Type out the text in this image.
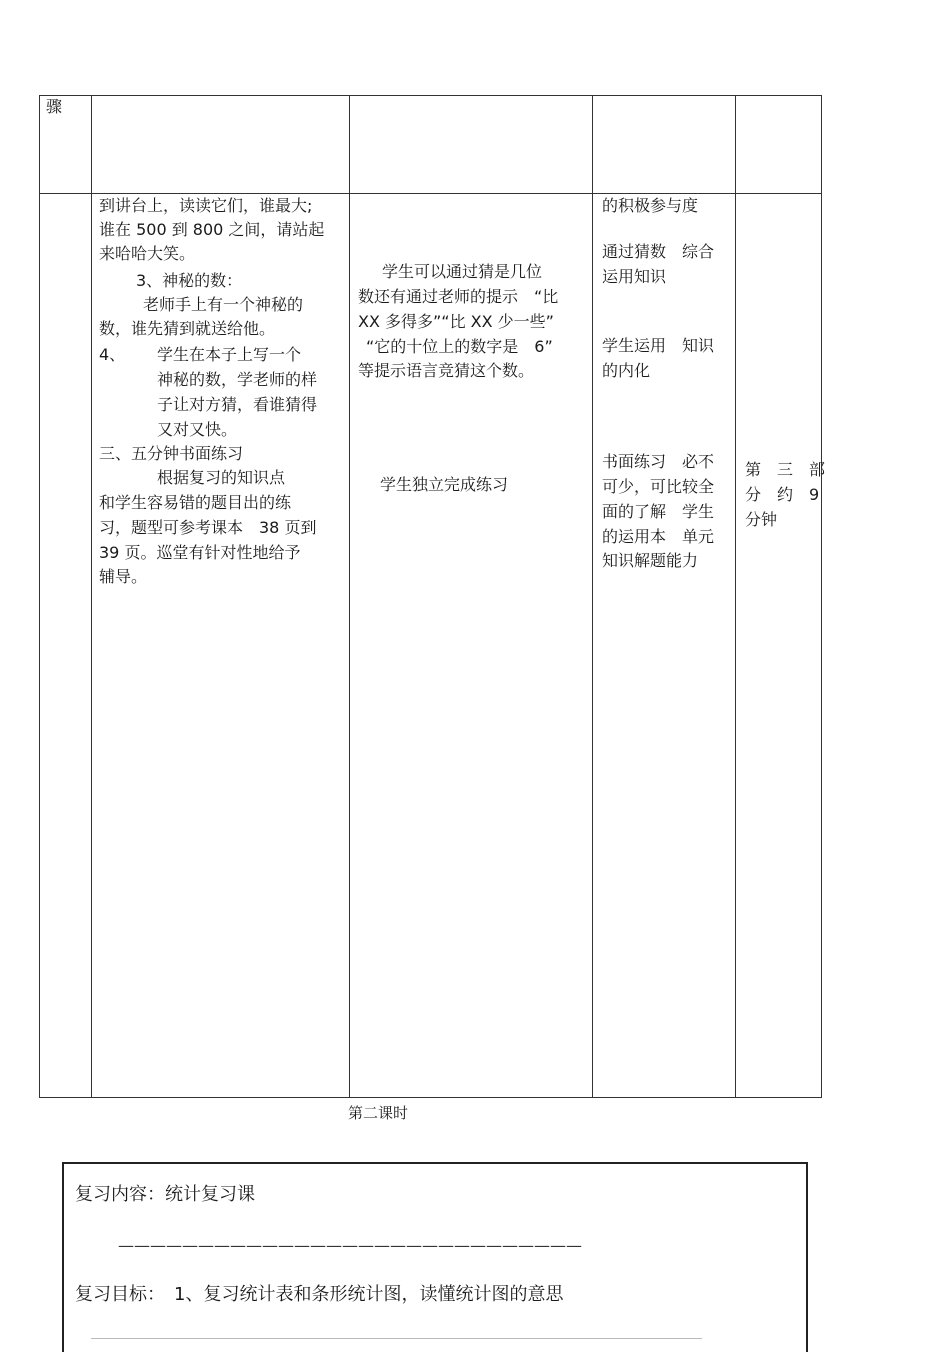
骤
到讲台上，读读它们，谁最大;
谁在 500 到 800 之间，请站起
来哈哈大笑。
3、神秘的数：
老师手上有一个神秘的
数，谁先猜到就送给他。
4、 学生在本子上写一个
神秘的数，学老师的样
子让对方猜，看谁猜得
又对又快。
三、五分钟书面练习
根据复习的知识点
和学生容易错的题目出的练
习，题型可参考课本　38 页到
39 页。巡堂有针对性地给予
辅导。
学生可以通过猜是几位
数还有通过老师的提示　“比
XX 多得多”“比 XX 少一些”
“它的十位上的数字是　6”
等提示语言竞猜这个数。
学生独立完成练习
的积极参与度
通过猜数　综合
运用知识
学生运用　知识
的内化
书面练习　必不
可少，可比较全
面的了解　学生
的运用本　单元
知识解题能力
第　三　部
分　约　9
分钟
第二课时
复习内容：统计复习课
—————————————————————————————
复习目标：　1、复习统计表和条形统计图，读懂统计图的意思
